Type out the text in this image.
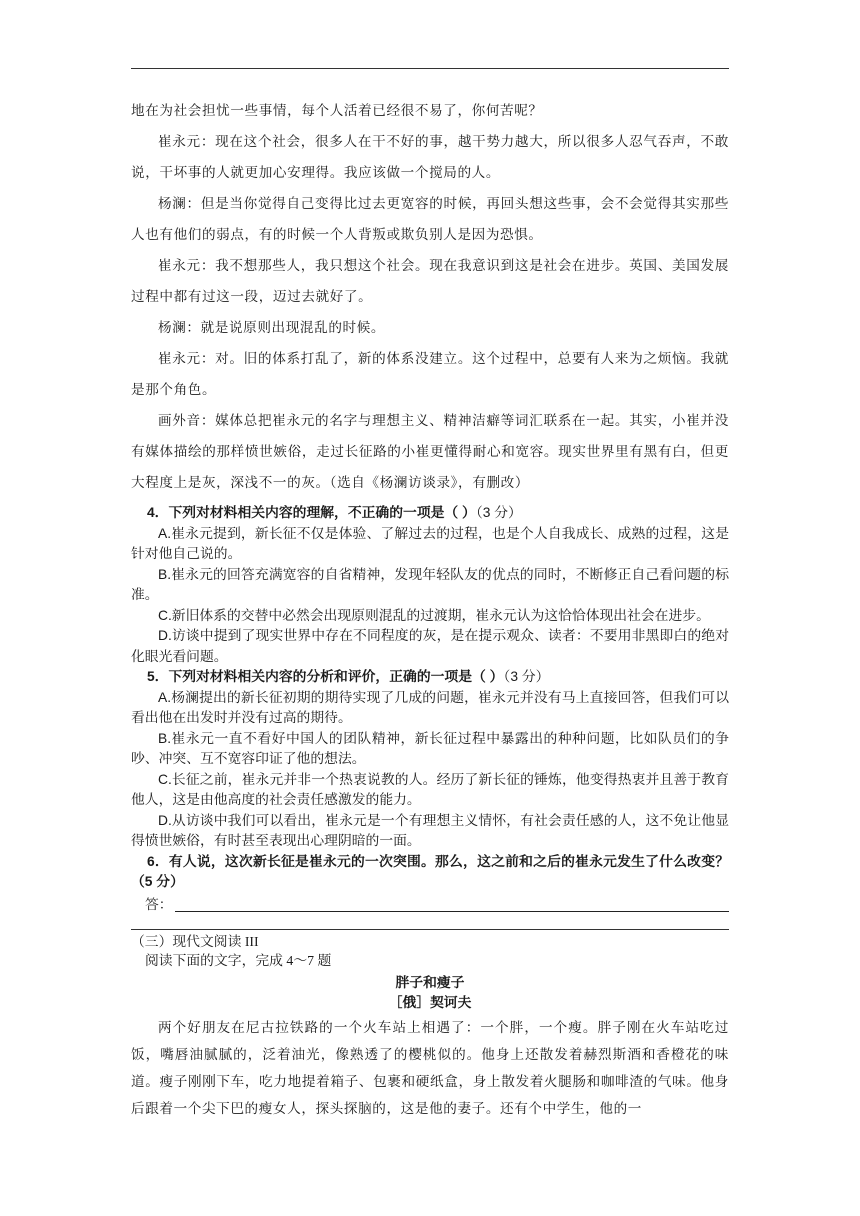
地在为社会担忧一些事情，每个人活着已经很不易了，你何苦呢？

崔永元：现在这个社会，很多人在干不好的事，越干势力越大，所以很多人忍气吞声，不敢说，干坏事的人就更加心安理得。我应该做一个搅局的人。

杨澜：但是当你觉得自己变得比过去更宽容的时候，再回头想这些事，会不会觉得其实那些人也有他们的弱点，有的时候一个人背叛或欺负别人是因为恐惧。

崔永元：我不想那些人，我只想这个社会。现在我意识到这是社会在进步。英国、美国发展过程中都有过这一段，迈过去就好了。

杨澜：就是说原则出现混乱的时候。

崔永元：对。旧的体系打乱了，新的体系没建立。这个过程中，总要有人来为之烦恼。我就是那个角色。

画外音：媒体总把崔永元的名字与理想主义、精神洁癖等词汇联系在一起。其实，小崔并没有媒体描绘的那样愤世嫉俗，走过长征路的小崔更懂得耐心和宽容。现实世界里有黑有白，但更大程度上是灰，深浅不一的灰。（选自《杨澜访谈录》，有删改）

4．下列对材料相关内容的理解，不正确的一项是（ ）（3 分）

A.崔永元提到，新长征不仅是体验、了解过去的过程，也是个人自我成长、成熟的过程，这是针对他自己说的。

B.崔永元的回答充满宽容的自省精神，发现年轻队友的优点的同时，不断修正自己看问题的标准。

C.新旧体系的交替中必然会出现原则混乱的过渡期，崔永元认为这恰恰体现出社会在进步。

D.访谈中提到了现实世界中存在不同程度的灰，是在提示观众、读者：不要用非黑即白的绝对化眼光看问题。

5．下列对材料相关内容的分析和评价，正确的一项是（ ）（3 分）

A.杨澜提出的新长征初期的期待实现了几成的问题，崔永元并没有马上直接回答，但我们可以看出他在出发时并没有过高的期待。

B.崔永元一直不看好中国人的团队精神，新长征过程中暴露出的种种问题，比如队员们的争吵、冲突、互不宽容印证了他的想法。

C.长征之前，崔永元并非一个热衷说教的人。经历了新长征的锤炼，他变得热衷并且善于教育他人，这是由他高度的社会责任感激发的能力。

D.从访谈中我们可以看出，崔永元是一个有理想主义情怀，有社会责任感的人，这不免让他显得愤世嫉俗，有时甚至表现出心理阴暗的一面。

6．有人说，这次新长征是崔永元的一次突围。那么，这之前和之后的崔永元发生了什么改变？（5 分）

答：

（三）现代文阅读 III

阅读下面的文字，完成 4～7 题

胖子和瘦子

［俄］契诃夫

两个好朋友在尼古拉铁路的一个火车站上相遇了：一个胖，一个瘦。胖子刚在火车站吃过饭，嘴唇油腻腻的，泛着油光，像熟透了的樱桃似的。他身上还散发着赫烈斯酒和香橙花的味道。瘦子刚刚下车，吃力地提着箱子、包裹和硬纸盒，身上散发着火腿肠和咖啡渣的气味。他身后跟着一个尖下巴的瘦女人，探头探脑的，这是他的妻子。还有个中学生，他的一
